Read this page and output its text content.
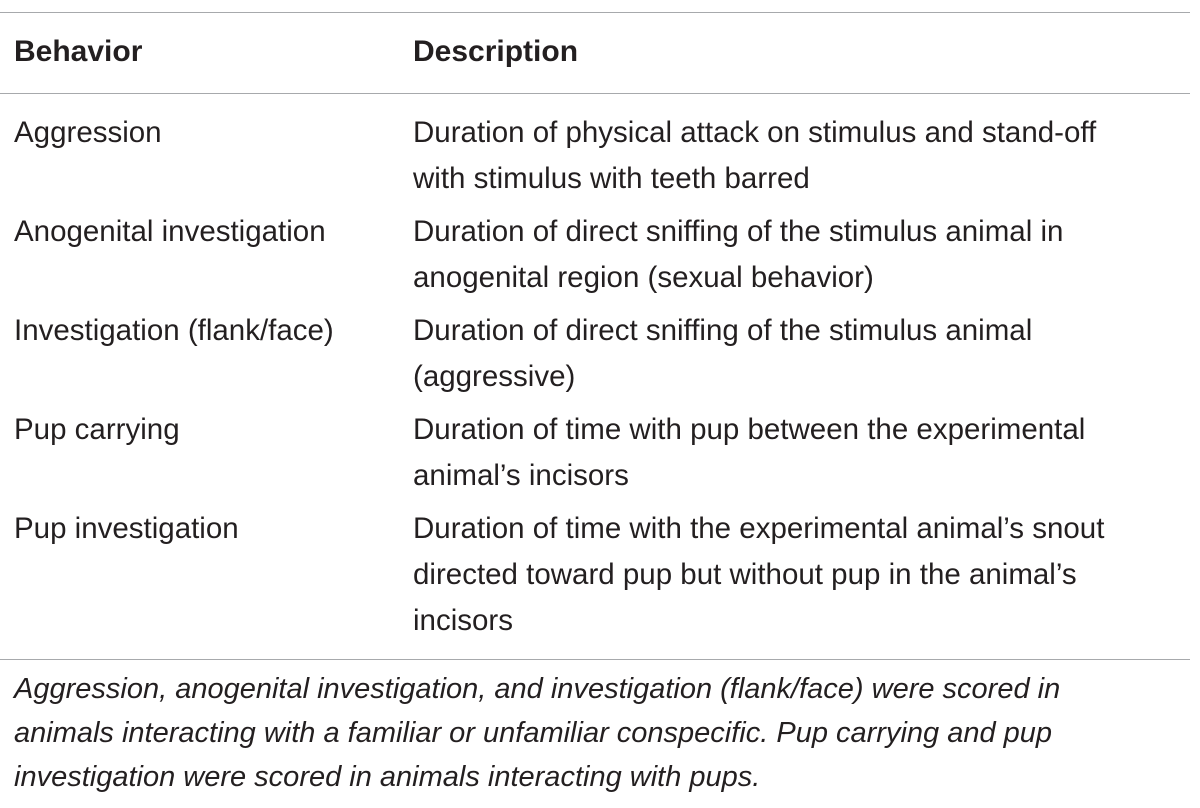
Behavior	Description
Aggression	Duration of physical attack on stimulus and stand-off
with stimulus with teeth barred
Anogenital investigation	Duration of direct sniffing of the stimulus animal in
anogenital region (sexual behavior)
Investigation (flank/face)	Duration of direct sniffing of the stimulus animal
(aggressive)
Pup carrying	Duration of time with pup between the experimental
animal’s incisors
Pup investigation	Duration of time with the experimental animal’s snout
directed toward pup but without pup in the animal’s
incisors
Aggression, anogenital investigation, and investigation (flank/face) were scored in
animals interacting with a familiar or unfamiliar conspecific. Pup carrying and pup
investigation were scored in animals interacting with pups.
